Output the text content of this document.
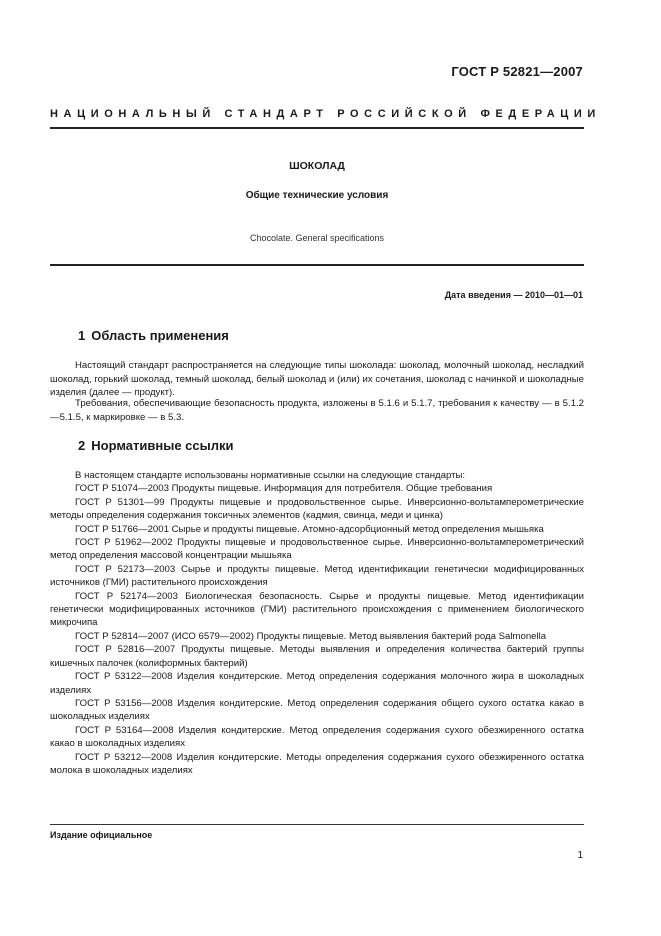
ГОСТ Р 52821—2007
НАЦИОНАЛЬНЫЙ СТАНДАРТ РОССИЙСКОЙ ФЕДЕРАЦИИ
ШОКОЛАД
Общие технические условия
Chocolate. General specifications
Дата введения — 2010—01—01
1 Область применения

Настоящий стандарт распространяется на следующие типы шоколада: шоколад, молочный шоколад, несладкий шоколад, горький шоколад, темный шоколад, белый шоколад и (или) их сочетания, шоколад с начинкой и шоколадные изделия (далее — продукт).

Требования, обеспечивающие безопасность продукта, изложены в 5.1.6 и 5.1.7, требования к качеству — в 5.1.2—5.1.5, к маркировке — в 5.3.

2 Нормативные ссылки

В настоящем стандарте использованы нормативные ссылки на следующие стандарты:

ГОСТ Р 51074—2003 Продукты пищевые. Информация для потребителя. Общие требования

ГОСТ Р 51301—99 Продукты пищевые и продовольственное сырье. Инверсионно-вольтамперометрические методы определения содержания токсичных элементов (кадмия, свинца, меди и цинка)

ГОСТ Р 51766—2001 Сырье и продукты пищевые. Атомно-адсорбционный метод определения мышьяка

ГОСТ Р 51962—2002 Продукты пищевые и продовольственное сырье. Инверсионно-вольтамперометрический метод определения массовой концентрации мышьяка

ГОСТ Р 52173—2003 Сырье и продукты пищевые. Метод идентификации генетически модифицированных источников (ГМИ) растительного происхождения

ГОСТ Р 52174—2003 Биологическая безопасность. Сырье и продукты пищевые. Метод идентификации генетически модифицированных источников (ГМИ) растительного происхождения с применением биологического микрочипа

ГОСТ Р 52814—2007 (ИСО 6579—2002) Продукты пищевые. Метод выявления бактерий рода Salmonella

ГОСТ Р 52816—2007 Продукты пищевые. Методы выявления и определения количества бактерий группы кишечных палочек (колиформных бактерий)

ГОСТ Р 53122—2008 Изделия кондитерские. Метод определения содержания молочного жира в шоколадных изделиях

ГОСТ Р 53156—2008 Изделия кондитерские. Метод определения содержания общего сухого остатка какао в шоколадных изделиях

ГОСТ Р 53164—2008 Изделия кондитерские. Метод определения содержания сухого обезжиренного остатка какао в шоколадных изделиях

ГОСТ Р 53212—2008 Изделия кондитерские. Методы определения содержания сухого обезжиренного остатка молока в шоколадных изделиях

Издание официальное
1
